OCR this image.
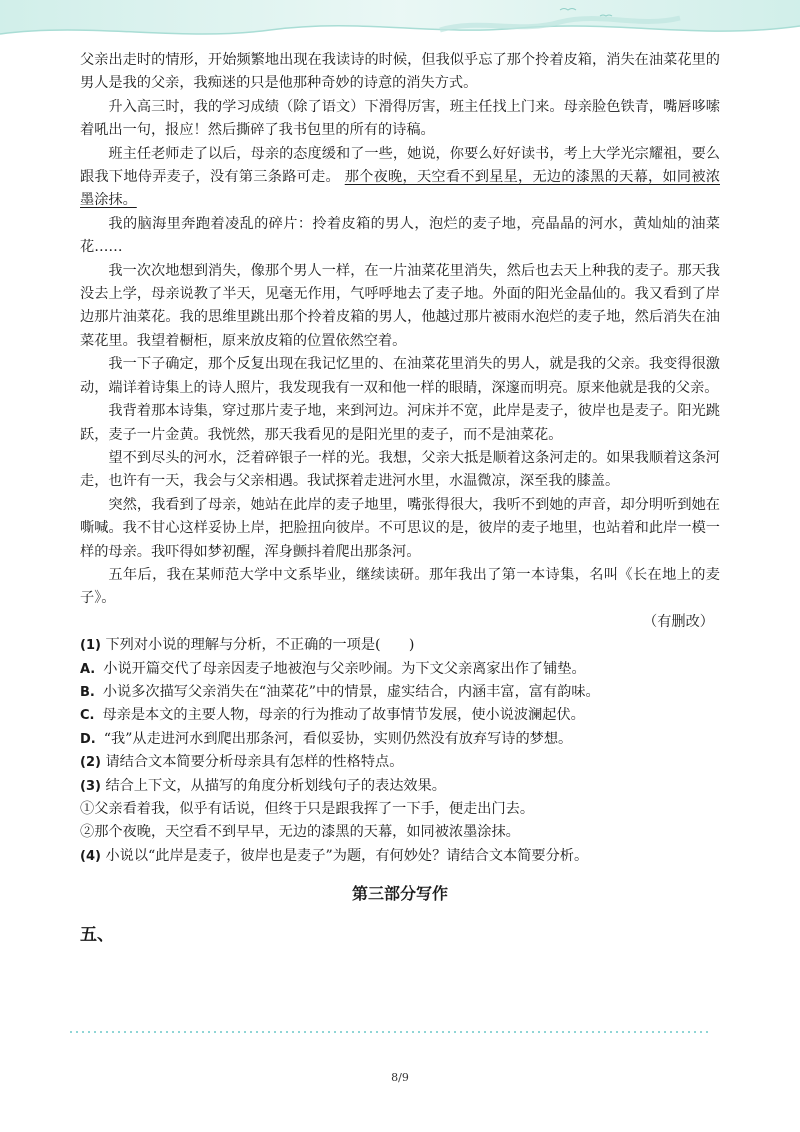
父亲出走时的情形，开始频繁地出现在我读诗的时候，但我似乎忘了那个拎着皮箱，消失在油菜花里的男人是我的父亲，我痴迷的只是他那种奇妙的诗意的消失方式。

升入高三时，我的学习成绩（除了语文）下滑得厉害，班主任找上门来。母亲脸色铁青，嘴唇哆嗦着吼出一句，报应！然后撕碎了我书包里的所有的诗稿。

班主任老师走了以后，母亲的态度缓和了一些，她说，你要么好好读书，考上大学光宗耀祖，要么跟我下地侍弄麦子，没有第三条路可走。 那个夜晚，天空看不到星星，无边的漆黑的天幕，如同被浓墨涂抹。

我的脑海里奔跑着凌乱的碎片：拎着皮箱的男人，泡烂的麦子地，亮晶晶的河水，黄灿灿的油菜花……

我一次次地想到消失，像那个男人一样，在一片油菜花里消失，然后也去天上种我的麦子。那天我没去上学，母亲说教了半天，见毫无作用，气呼呼地去了麦子地。外面的阳光金晶仙的。我又看到了岸边那片油菜花。我的思维里跳出那个拎着皮箱的男人，他越过那片被雨水泡烂的麦子地，然后消失在油菜花里。我望着橱柜，原来放皮箱的位置依然空着。

我一下子确定，那个反复出现在我记忆里的、在油菜花里消失的男人，就是我的父亲。我变得很激动，端详着诗集上的诗人照片，我发现我有一双和他一样的眼睛，深邃而明亮。原来他就是我的父亲。

我背着那本诗集，穿过那片麦子地，来到河边。河床并不宽，此岸是麦子，彼岸也是麦子。阳光跳跃，麦子一片金黄。我恍然，那天我看见的是阳光里的麦子，而不是油菜花。

望不到尽头的河水，泛着碎银子一样的光。我想，父亲大抵是顺着这条河走的。如果我顺着这条河走，也许有一天，我会与父亲相遇。我试探着走进河水里，水温微凉，深至我的膝盖。

突然，我看到了母亲，她站在此岸的麦子地里，嘴张得很大，我听不到她的声音，却分明听到她在嘶喊。我不甘心这样妥协上岸，把脸扭向彼岸。不可思议的是，彼岸的麦子地里，也站着和此岸一模一样的母亲。我吓得如梦初醒，浑身颤抖着爬出那条河。

五年后，我在某师范大学中文系毕业，继续读研。那年我出了第一本诗集，名叫《长在地上的麦子》。

（有删改）

(1) 下列对小说的理解与分析，不正确的一项是(　　)

A. 小说开篇交代了母亲因麦子地被泡与父亲吵闹。为下文父亲离家出作了铺垫。

B. 小说多次描写父亲消失在“油菜花”中的情景，虚实结合，内涵丰富，富有韵味。

C. 母亲是本文的主要人物，母亲的行为推动了故事情节发展，使小说波澜起伏。

D. “我”从走进河水到爬出那条河，看似妥协，实则仍然没有放弃写诗的梦想。

(2) 请结合文本简要分析母亲具有怎样的性格特点。

(3) 结合上下文，从描写的角度分析划线句子的表达效果。

①父亲看着我，似乎有话说，但终于只是跟我挥了一下手，便走出门去。

②那个夜晚，天空看不到早早，无边的漆黑的天幕，如同被浓墨涂抹。

(4) 小说以“此岸是麦子，彼岸也是麦子”为题，有何妙处？请结合文本简要分析。

第三部分写作

五、

8/9
